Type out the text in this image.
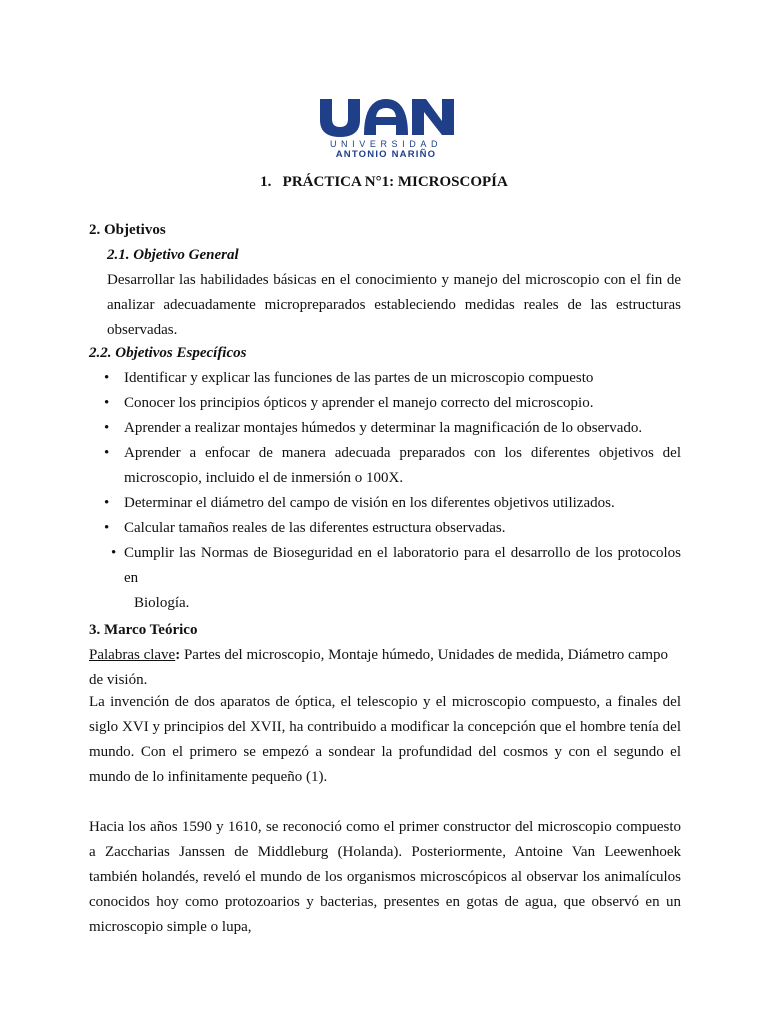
UNIVERSIDAD
ANTONIO NARIÑO
1.   PRÁCTICA N°1: MICROSCOPÍA
2. Objetivos
2.1. Objetivo General
Desarrollar las habilidades básicas en el conocimiento y manejo del microscopio con el fin de analizar adecuadamente micropreparados estableciendo medidas reales de las estructuras observadas.
2.2. Objetivos Específicos
• Identificar y explicar las funciones de las partes de un microscopio compuesto
• Conocer los principios ópticos y aprender el manejo correcto del microscopio.
• Aprender a realizar montajes húmedos y determinar la magnificación de lo observado.
• Aprender a enfocar de manera adecuada preparados con los diferentes objetivos del microscopio, incluido el de inmersión o 100X.
• Determinar el diámetro del campo de visión en los diferentes objetivos utilizados.
• Calcular tamaños reales de las diferentes estructura observadas.
• Cumplir las Normas de Bioseguridad en el laboratorio para el desarrollo de los protocolos en
Biología.
3. Marco Teórico
Palabras clave: Partes del microscopio, Montaje húmedo, Unidades de medida, Diámetro campo de visión.
La invención de dos aparatos de óptica, el telescopio y el microscopio compuesto, a finales del siglo XVI y principios del XVII, ha contribuido a modificar la concepción que el hombre tenía del mundo. Con el primero se empezó a sondear la profundidad del cosmos y con el segundo el mundo de lo infinitamente pequeño (1).
Hacia los años 1590 y 1610, se reconoció como el primer constructor del microscopio compuesto a Zaccharias Janssen de Middleburg (Holanda). Posteriormente, Antoine Van Leewenhoek también holandés, reveló el mundo de los organismos microscópicos al observar los animalículos conocidos hoy como protozoarios y bacterias, presentes en gotas de agua, que observó en un microscopio simple o lupa,
